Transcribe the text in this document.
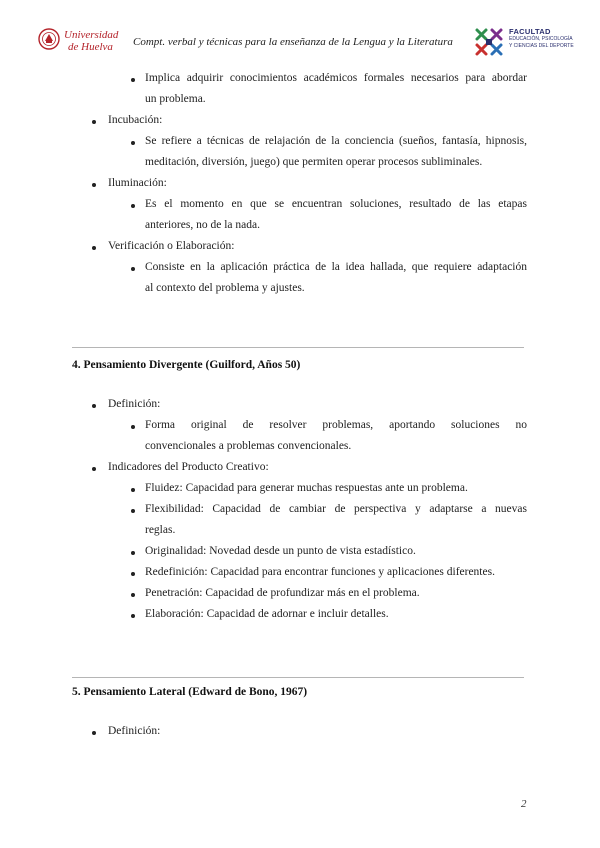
Universidad
de Huelva	Compt. verbal y técnicas para la enseñanza de la Lengua y la Literatura
FACULTAD
EDUCACIÓN, PSICOLOGÍA
Y CIENCIAS DEL DEPORTE
Implica adquirir conocimientos académicos formales necesarios para abordar
un problema.
Incubación:
Se refiere a técnicas de relajación de la conciencia (sueños, fantasía, hipnosis,
meditación, diversión, juego) que permiten operar procesos subliminales.
Iluminación:
Es el momento en que se encuentran soluciones, resultado de las etapas
anteriores, no de la nada.
Verificación o Elaboración:
Consiste en la aplicación práctica de la idea hallada, que requiere adaptación
al contexto del problema y ajustes.
4. Pensamiento Divergente (Guilford, Años 50)
Definición:
Forma original de resolver problemas, aportando soluciones no
convencionales a problemas convencionales.
Indicadores del Producto Creativo:
Fluidez: Capacidad para generar muchas respuestas ante un problema.
Flexibilidad: Capacidad de cambiar de perspectiva y adaptarse a nuevas
reglas.
Originalidad: Novedad desde un punto de vista estadístico.
Redefinición: Capacidad para encontrar funciones y aplicaciones diferentes.
Penetración: Capacidad de profundizar más en el problema.
Elaboración: Capacidad de adornar e incluir detalles.
5. Pensamiento Lateral (Edward de Bono, 1967)
Definición:
2
